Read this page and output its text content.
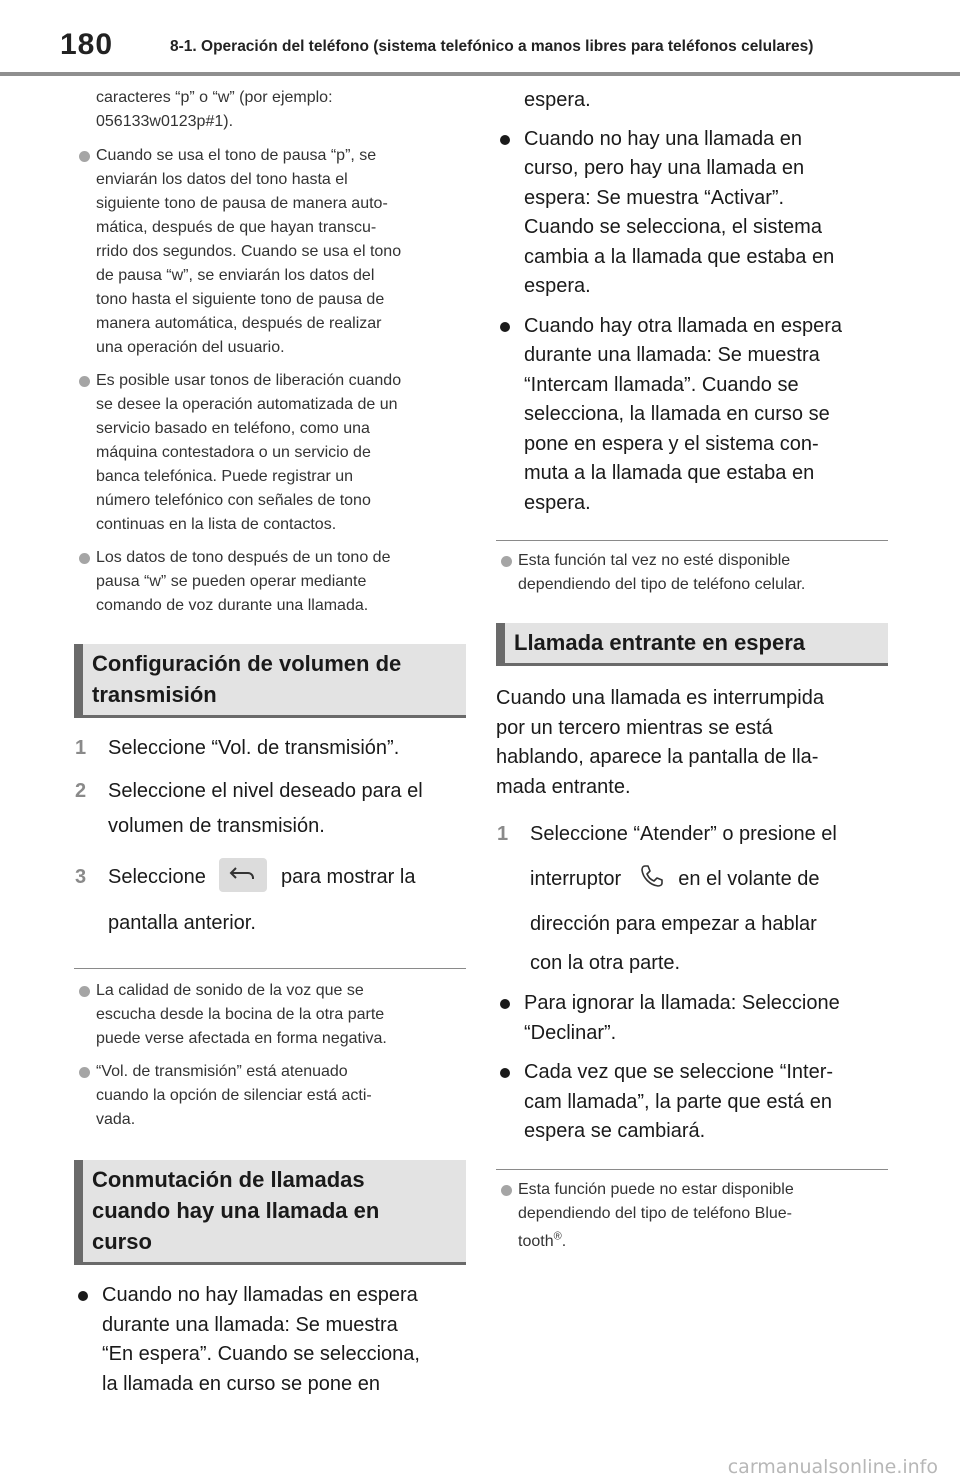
180	8-1. Operación del teléfono (sistema telefónico a manos libres para teléfonos celulares)
caracteres “p” o “w” (por ejemplo:
056133w0123p#1).
Cuando se usa el tono de pausa “p”, se
enviarán los datos del tono hasta el
siguiente tono de pausa de manera auto-
mática, después de que hayan transcu-
rrido dos segundos. Cuando se usa el tono
de pausa “w”, se enviarán los datos del
tono hasta el siguiente tono de pausa de
manera automática, después de realizar
una operación del usuario.
Es posible usar tonos de liberación cuando
se desee la operación automatizada de un
servicio basado en teléfono, como una
máquina contestadora o un servicio de
banca telefónica. Puede registrar un
número telefónico con señales de tono
continuas en la lista de contactos.
Los datos de tono después de un tono de
pausa “w” se pueden operar mediante
comando de voz durante una llamada.
Configuración de volumen de
transmisión
1 Seleccione “Vol. de transmisión”.
2 Seleccione el nivel deseado para el
volumen de transmisión.
3 Seleccione	para mostrar la
pantalla anterior.
La calidad de sonido de la voz que se
escucha desde la bocina de la otra parte
puede verse afectada en forma negativa.
“Vol. de transmisión” está atenuado
cuando la opción de silenciar está acti-
vada.
Conmutación de llamadas
cuando hay una llamada en
curso
Cuando no hay llamadas en espera
durante una llamada: Se muestra
“En espera”. Cuando se selecciona,
la llamada en curso se pone en
espera.
Cuando no hay una llamada en
curso, pero hay una llamada en
espera: Se muestra “Activar”.
Cuando se selecciona, el sistema
cambia a la llamada que estaba en
espera.
Cuando hay otra llamada en espera
durante una llamada: Se muestra
“Intercam llamada”. Cuando se
selecciona, la llamada en curso se
pone en espera y el sistema con-
muta a la llamada que estaba en
espera.
Esta función tal vez no esté disponible
dependiendo del tipo de teléfono celular.
Llamada entrante en espera
Cuando una llamada es interrumpida
por un tercero mientras se está
hablando, aparece la pantalla de lla-
mada entrante.
1 Seleccione “Atender” o presione el
interruptor	en el volante de
dirección para empezar a hablar
con la otra parte.
Para ignorar la llamada: Seleccione
“Declinar”.
Cada vez que se seleccione “Inter-
cam llamada”, la parte que está en
espera se cambiará.
Esta función puede no estar disponible
dependiendo del tipo de teléfono Blue-
tooth®.
carmanualsonline.info
